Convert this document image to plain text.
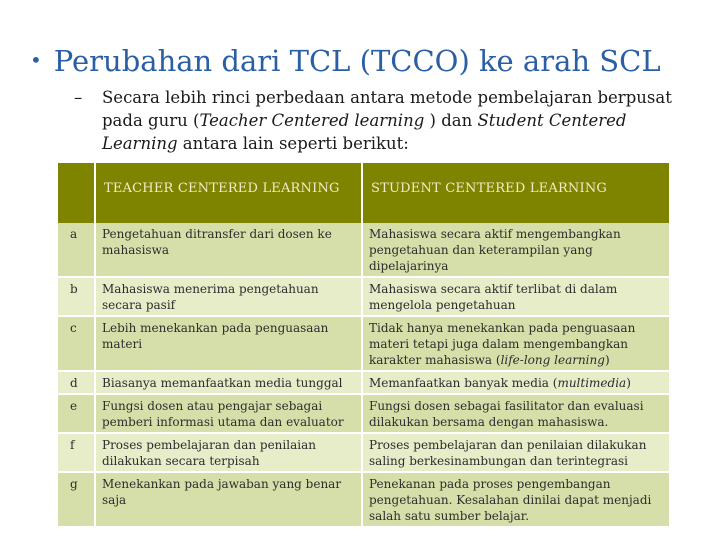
• Perubahan dari TCL (TCCO) ke arah SCL
– Secara lebih rinci perbedaan antara metode pembelajaran berpusat pada guru (Teacher Centered learning ) dan Student Centered Learning antara lain seperti berikut:
	TEACHER CENTERED LEARNING	STUDENT CENTERED LEARNING
a	Pengetahuan ditransfer dari dosen ke mahasiswa	Mahasiswa secara aktif mengembangkan pengetahuan dan keterampilan yang dipelajarinya
b	Mahasiswa menerima pengetahuan secara pasif	Mahasiswa secara aktif terlibat di dalam mengelola pengetahuan
c	Lebih menekankan pada penguasaan materi	Tidak hanya menekankan pada penguasaan materi tetapi juga dalam mengembangkan karakter mahasiswa (life-long learning)
d	Biasanya memanfaatkan media tunggal	Memanfaatkan banyak media (multimedia)
e	Fungsi dosen atau pengajar sebagai pemberi informasi utama dan evaluator	Fungsi dosen sebagai fasilitator dan evaluasi dilakukan bersama dengan mahasiswa.
f	Proses pembelajaran dan penilaian dilakukan secara terpisah	Proses pembelajaran dan penilaian dilakukan saling berkesinambungan dan terintegrasi
g	Menekankan pada jawaban yang benar saja	Penekanan pada proses pengembangan pengetahuan. Kesalahan dinilai dapat menjadi salah satu sumber belajar.
